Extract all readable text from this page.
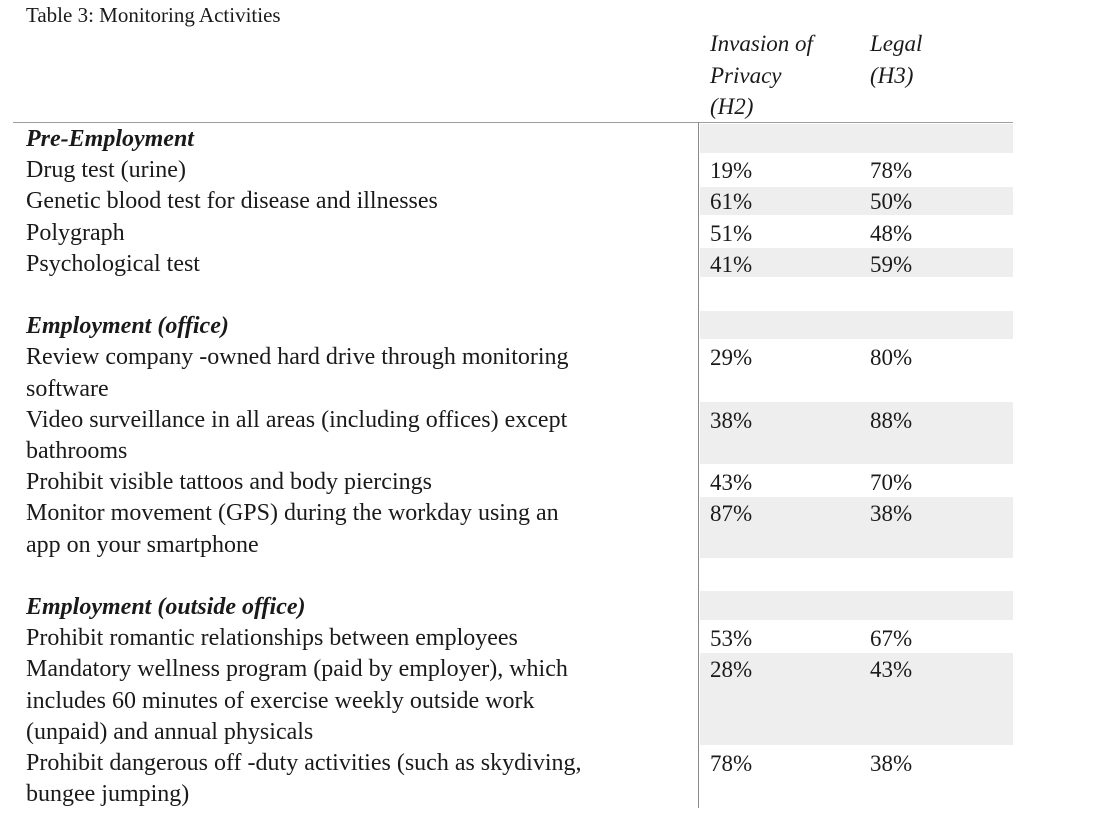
Table 3: Monitoring Activities
Invasion of
Privacy
(H2)
Legal
(H3)
Pre-Employment
Drug test (urine)	19%	78%
Genetic blood test for disease and illnesses	61%	50%
Polygraph	51%	48%
Psychological test	41%	59%
Employment (office)
Review company -owned hard drive through monitoring
software
29%	80%
Video surveillance in all areas (including offices) except
bathrooms
38%	88%
Prohibit visible tattoos and body piercings	43%	70%
Monitor movement (GPS) during the workday using an
app on your smartphone
87%	38%
Employment (outside office)
Prohibit romantic relationships between employees	53%	67%
Mandatory wellness program (paid by employer), which
includes 60 minutes of exercise weekly outside work
(unpaid) and annual physicals
28%	43%
Prohibit dangerous off -duty activities (such as skydiving,
bungee jumping)
78%	38%
